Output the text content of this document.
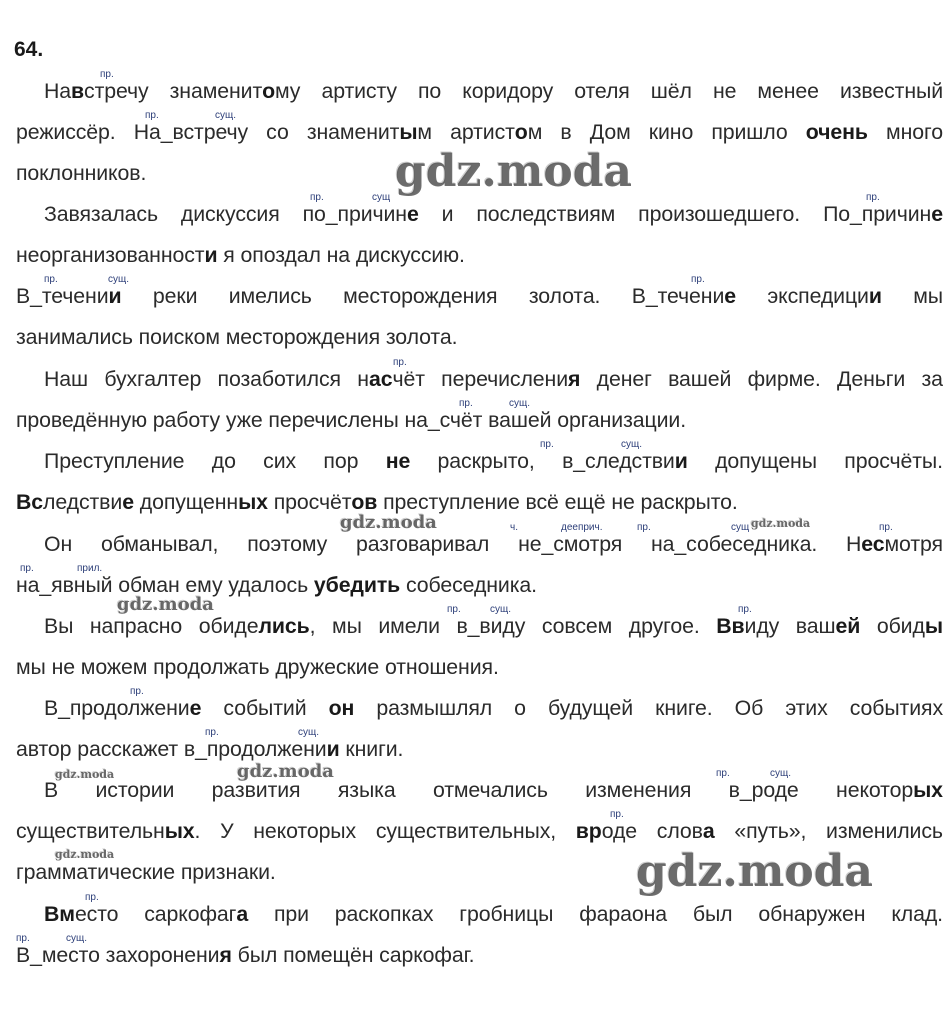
64.
Навстречу знаменитому артисту по коридору отеля шёл не менее известный
режиссёр. На_встречу со знаменитым артистом в Дом кино пришло очень много
поклонников.
Завязалась дискуссия по_причине и последствиям произошедшего. По_причине
неорганизованности я опоздал на дискуссию.
В_течении реки имелись месторождения золота. В_течение экспедиции мы
занимались поиском месторождения золота.
Наш бухгалтер позаботился насчёт перечисления денег вашей фирме. Деньги за
проведённую работу уже перечислены на_счёт вашей организации.
Преступление до сих пор не раскрыто, в_следствии допущены просчёты.
Вследствие допущенных просчётов преступление всё ещё не раскрыто.
Он обманывал, поэтому разговаривал не_смотря на_собеседника. Несмотря
на_явный обман ему удалось убедить собеседника.
Вы напрасно обиделись, мы имели в_виду совсем другое. Ввиду вашей обиды
мы не можем продолжать дружеские отношения.
В_продолжение событий он размышлял о будущей книге. Об этих событиях
автор расскажет в_продолжении книги.
В истории развития языка отмечались изменения в_роде некоторых
существительных. У некоторых существительных, вроде слова «путь», изменились
грамматические признаки.
Вместо саркофага при раскопках гробницы фараона был обнаружен клад.
В_место захоронения был помещён саркофаг.
пр.
пр.	сущ.
пр.	сущ	пр.
пр.	сущ.	пр.
пр.
пр.	сущ.
пр.	сущ.
ч.	дееприч.	пр.	сущ	пр.
пр.	прил.
пр.	сущ.	пр.
пр.
пр.	сущ.
пр.	сущ.
пр.
пр.
пр.	сущ.
gdz.moda
gdz.moda
gdz.moda	gdz.moda
gdz.moda
gdz.moda
gdz.moda
gdz.moda
